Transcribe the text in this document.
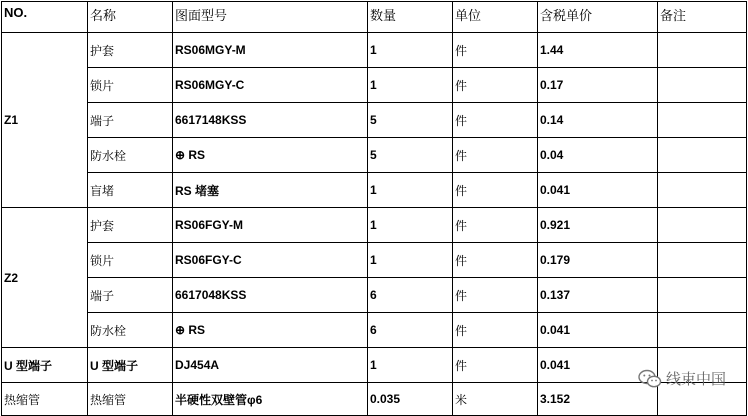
NO.	名称	图面型号	数量	单位	含税单价	备注
Z1	护套	RS06MGY-M	1	件	1.44	
	锁片	RS06MGY-C	1	件	0.17	
	端子	6617148KSS	5	件	0.14	
	防水栓	⊕ RS	5	件	0.04	
	盲堵	RS 堵塞	1	件	0.041	
Z2	护套	RS06FGY-M	1	件	0.921	
	锁片	RS06FGY-C	1	件	0.179	
	端子	6617048KSS	6	件	0.137	
	防水栓	⊕ RS	6	件	0.041	
U 型端子	U 型端子	DJ454A	1	件	0.041	
热缩管	热缩管	半硬性双壁管φ6	0.035	米	3.152	
线束中国
